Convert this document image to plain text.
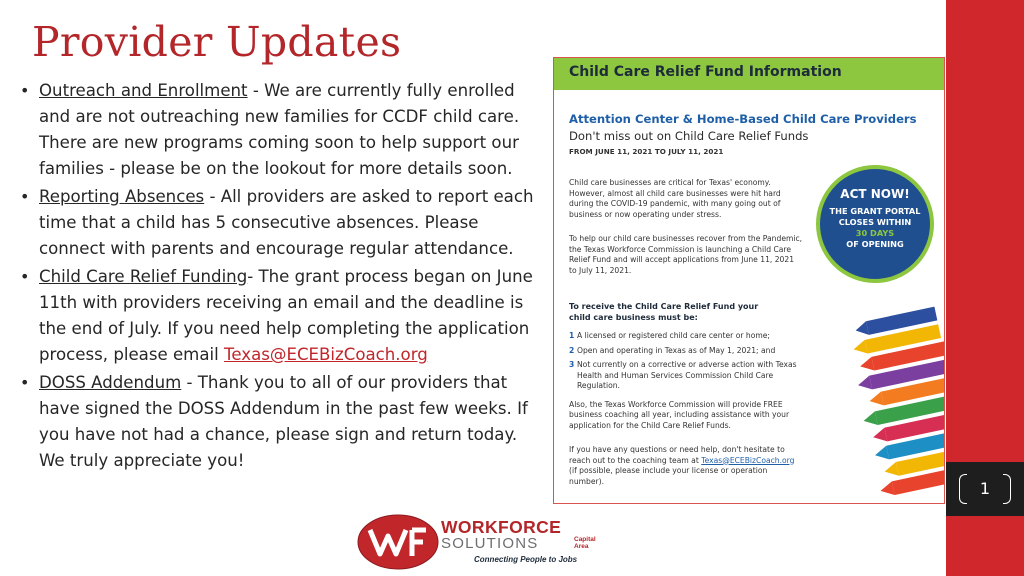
Provider Updates
• Outreach and Enrollment - We are currently fully enrolled and are not outreaching new families for CCDF child care. There are new programs coming soon to help support our families - please be on the lookout for more details soon.
• Reporting Absences - All providers are asked to report each time that a child has 5 consecutive absences. Please connect with parents and encourage regular attendance.
• Child Care Relief Funding- The grant process began on June 11th with providers receiving an email and the deadline is the end of July. If you need help completing the application process, please email Texas@ECEBizCoach.org
• DOSS Addendum - Thank you to all of our providers that have signed the DOSS Addendum in the past few weeks. If you have not had a chance, please sign and return today. We truly appreciate you!
Child Care Relief Fund Information
Attention Center & Home-Based Child Care Providers
Don't miss out on Child Care Relief Funds
FROM JUNE 11, 2021 TO JULY 11, 2021
Child care businesses are critical for Texas' economy. However, almost all child care businesses were hit hard during the COVID-19 pandemic, with many going out of business or now operating under stress.
To help our child care businesses recover from the Pandemic, the Texas Workforce Commission is launching a Child Care Relief Fund and will accept applications from June 11, 2021 to July 11, 2021.
To receive the Child Care Relief Fund your child care business must be:
1 A licensed or registered child care center or home;
2 Open and operating in Texas as of May 1, 2021; and
3 Not currently on a corrective or adverse action with Texas Health and Human Services Commission Child Care Regulation.
Also, the Texas Workforce Commission will provide FREE business coaching all year, including assistance with your application for the Child Care Relief Funds.
If you have any questions or need help, don't hesitate to reach out to the coaching team at Texas@ECEBizCoach.org (if possible, please include your license or operation number).
ACT NOW!
THE GRANT PORTAL
CLOSES WITHIN
30 DAYS
OF OPENING
WORKFORCE
SOLUTIONS	Capital
Area
Connecting People to Jobs
1
